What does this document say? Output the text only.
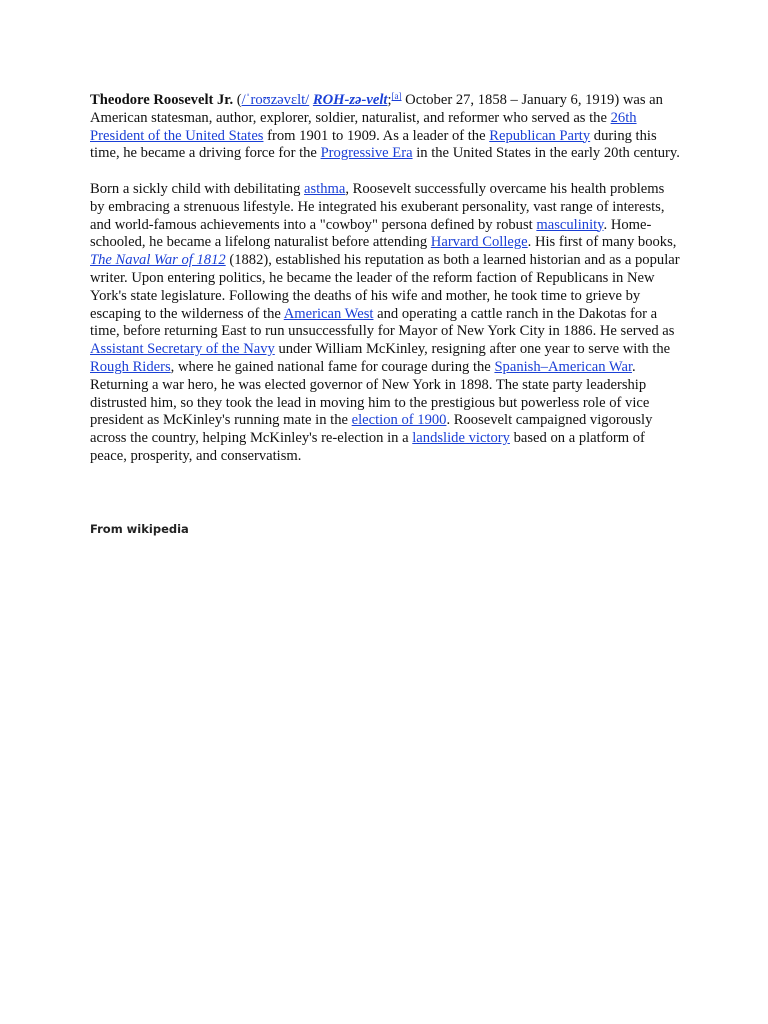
Theodore Roosevelt Jr. (/ˈroʊzəvɛlt/ ROH-zə-velt;[a] October 27, 1858 – January 6, 1919) was an American statesman, author, explorer, soldier, naturalist, and reformer who served as the 26th President of the United States from 1901 to 1909. As a leader of the Republican Party during this time, he became a driving force for the Progressive Era in the United States in the early 20th century.

Born a sickly child with debilitating asthma, Roosevelt successfully overcame his health problems by embracing a strenuous lifestyle. He integrated his exuberant personality, vast range of interests, and world-famous achievements into a "cowboy" persona defined by robust masculinity. Home-schooled, he became a lifelong naturalist before attending Harvard College. His first of many books, The Naval War of 1812 (1882), established his reputation as both a learned historian and as a popular writer. Upon entering politics, he became the leader of the reform faction of Republicans in New York's state legislature. Following the deaths of his wife and mother, he took time to grieve by escaping to the wilderness of the American West and operating a cattle ranch in the Dakotas for a time, before returning East to run unsuccessfully for Mayor of New York City in 1886. He served as Assistant Secretary of the Navy under William McKinley, resigning after one year to serve with the Rough Riders, where he gained national fame for courage during the Spanish–American War. Returning a war hero, he was elected governor of New York in 1898. The state party leadership distrusted him, so they took the lead in moving him to the prestigious but powerless role of vice president as McKinley's running mate in the election of 1900. Roosevelt campaigned vigorously across the country, helping McKinley's re-election in a landslide victory based on a platform of peace, prosperity, and conservatism.

From wikipedia
